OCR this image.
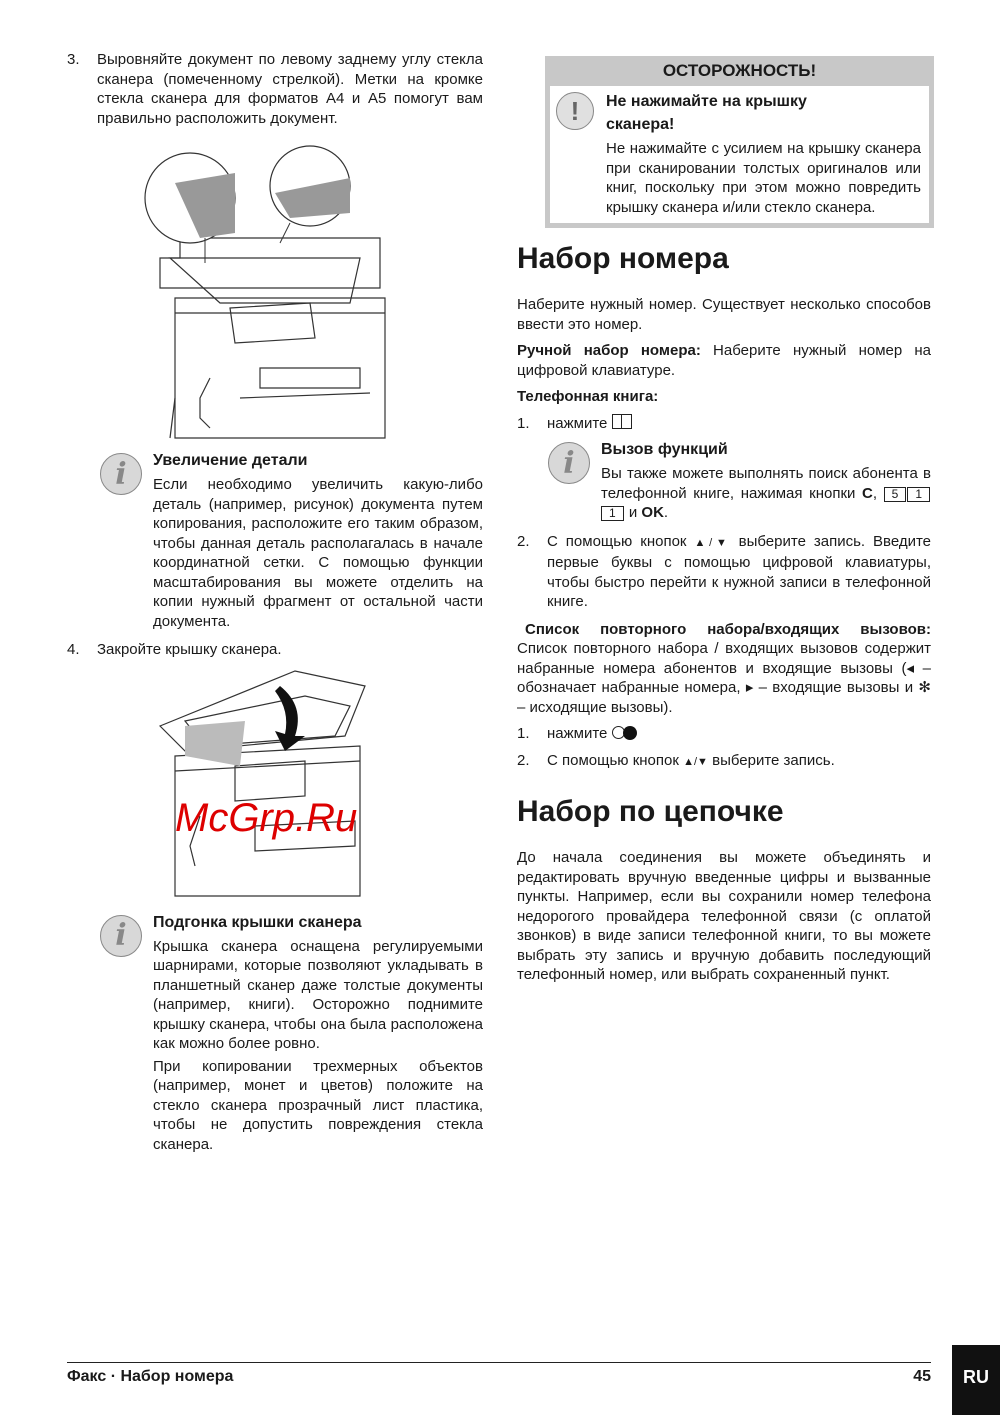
3.	Выровняйте документ по левому заднему углу стекла сканера (помеченному стрелкой). Метки на кромке стекла сканера для форматов A4 и A5 помогут вам правильно расположить документ.
i	Увеличение детали
Если необходимо увеличить какую-либо деталь (например, рисунок) документа путем копирования, расположите его таким образом, чтобы данная деталь располагалась в начале координатной сетки. С помощью функции масштабирования вы можете отделить на копии нужный фрагмент от остальной части документа.
4.	Закройте крышку сканера.
McGrp.Ru
i	Подгонка крышки сканера
Крышка сканера оснащена регулируемыми шарнирами, которые позволяют укладывать в планшетный сканер даже толстые документы (например, книги). Осторожно поднимите крышку сканера, чтобы она была расположена как можно более ровно.
При копировании трехмерных объектов (например, монет и цветов) положите на стекло сканера прозрачный лист пластика, чтобы не допустить повреждения стекла сканера.
ОСТОРОЖНОСТЬ!
!	Не нажимайте на крышку сканера!
Не нажимайте с усилием на крышку сканера при сканировании толстых оригиналов или книг, поскольку при этом можно повредить крышку сканера и/или стекло сканера.
Набор номера
Наберите нужный номер. Существует несколько способов ввести это номер.
Ручной набор номера: Наберите нужный номер на цифровой клавиатуре.
Телефонная книга:
1.	нажмите
i	Вызов функций
Вы также можете выполнять поиск абонента в телефонной книге, нажимая кнопки C, 5 11 и OK.
2.	С помощью кнопок ▲/▼ выберите запись. Введите первые буквы с помощью цифровой клавиатуры, чтобы быстро перейти к нужной записи в телефонной книге.
Список повторного набора/входящих вызовов: Список повторного набора / входящих вызовов содержит набранные номера абонентов и входящие вызовы (◂ – обозначает набранные номера, ▸ – входящие вызовы и ✻ – исходящие вызовы).
1.	нажмите
2.	С помощью кнопок ▲/▼ выберите запись.
Набор по цепочке
До начала соединения вы можете объединять и редактировать вручную введенные цифры и вызванные пункты. Например, если вы сохранили номер телефона недорогого провайдера телефонной связи (с оплатой звонков) в виде записи телефонной книги, то вы можете выбрать эту запись и вручную добавить последующий телефонный номер, или выбрать сохраненный пункт.
Факс · Набор номера	45	RU
